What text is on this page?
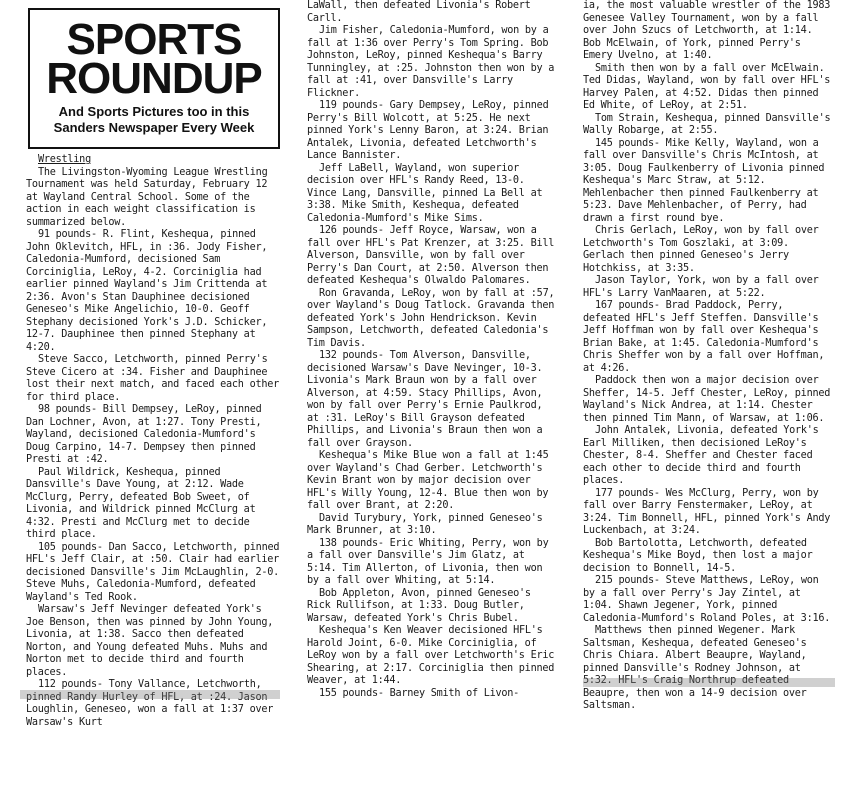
SPORTS
ROUNDUP
And Sports Pictures too in this
Sanders Newspaper Every Week

Wrestling

The Livingston-Wyoming League Wrestling Tournament was held Saturday, February 12 at Wayland Central School. Some of the action in each weight classification is summarized below.

91 pounds- R. Flint, Keshequa, pinned John Oklevitch, HFL, in :36. Jody Fisher, Caledonia-Mumford, decisioned Sam Corciniglia, LeRoy, 4-2. Corciniglia had earlier pinned Wayland's Jim Crittenda at 2:36. Avon's Stan Dauphinee decisioned Geneseo's Mike Angelichio, 10-0. Geoff Stephany decisioned York's J.D. Schicker, 12-7. Dauphinee then pinned Stephany at 4:20.

Steve Sacco, Letchworth, pinned Perry's Steve Cicero at :34. Fisher and Dauphinee lost their next match, and faced each other for third place.

98 pounds- Bill Dempsey, LeRoy, pinned Dan Lochner, Avon, at 1:27. Tony Presti, Wayland, decisioned Caledonia-Mumford's Doug Carpino, 14-7. Dempsey then pinned Presti at :42.

Paul Wildrick, Keshequa, pinned Dansville's Dave Young, at 2:12. Wade McClurg, Perry, defeated Bob Sweet, of Livonia, and Wildrick pinned McClurg at 4:32. Presti and McClurg met to decide third place.

105 pounds- Dan Sacco, Letchworth, pinned HFL's Jeff Clair, at :50. Clair had earlier decisioned Dansville's Jim McLaughlin, 2-0. Steve Muhs, Caledonia-Mumford, defeated Wayland's Ted Rook.

Warsaw's Jeff Nevinger defeated York's Joe Benson, then was pinned by John Young, Livonia, at 1:38. Sacco then defeated Norton, and Young defeated Muhs. Muhs and Norton met to decide third and fourth places.

112 pounds- Tony Vallance, Letchworth, pinned Randy Hurley of HFL, at :24. Jason Loughlin, Geneseo, won a fall at 1:37 over Warsaw's Kurt

LaWall, then defeated Livonia's Robert Carll.

Jim Fisher, Caledonia-Mumford, won by a fall at 1:36 over Perry's Tom Spring. Bob Johnston, LeRoy, pinned Keshequa's Barry Tunningley, at :25. Johnston then won by a fall at :41, over Dansville's Larry Flickner.

119 pounds- Gary Dempsey, LeRoy, pinned Perry's Bill Wolcott, at 5:25. He next pinned York's Lenny Baron, at 3:24. Brian Antalek, Livonia, defeated Letchworth's Lance Bannister.

Jeff LaBell, Wayland, won superior decision over HFL's Randy Reed, 13-0. Vince Lang, Dansville, pinned La Bell at 3:38. Mike Smith, Keshequa, defeated Caledonia-Mumford's Mike Sims.

126 pounds- Jeff Royce, Warsaw, won a fall over HFL's Pat Krenzer, at 3:25. Bill Alverson, Dansville, won by fall over Perry's Dan Court, at 2:50. Alverson then defeated Keshequa's Olwaldo Palomares.

Ron Gravanda, LeRoy, won by fall at :57, over Wayland's Doug Tatlock. Gravanda then defeated York's John Hendrickson. Kevin Sampson, Letchworth, defeated Caledonia's Tim Davis.

132 pounds- Tom Alverson, Dansville, decisioned Warsaw's Dave Nevinger, 10-3. Livonia's Mark Braun won by a fall over Alverson, at 4:59. Stacy Phillips, Avon, won by fall over Perry's Ernie Paulkrod, at :31. LeRoy's Bill Grayson defeated Phillips, and Livonia's Braun then won a fall over Grayson.

Keshequa's Mike Blue won a fall at 1:45 over Wayland's Chad Gerber. Letchworth's Kevin Brant won by major decision over HFL's Willy Young, 12-4. Blue then won by fall over Brant, at 2:20.

David Turybury, York, pinned Geneseo's Mark Brunner, at 3:10.

138 pounds- Eric Whiting, Perry, won by a fall over Dansville's Jim Glatz, at 5:14. Tim Allerton, of Livonia, then won by a fall over Whiting, at 5:14.

Bob Appleton, Avon, pinned Geneseo's Rick Rullifson, at 1:33. Doug Butler, Warsaw, defeated York's Chris Bubel.

Keshequa's Ken Weaver decisioned HFL's Harold Joint, 6-0. Mike Corciniglia, of LeRoy won by a fall over Letchworth's Eric Shearing, at 2:17. Corciniglia then pinned Weaver, at 1:44.

155 pounds- Barney Smith of Livon-

ia, the most valuable wrestler of the 1983 Genesee Valley Tournament, won by a fall over John Szucs of Letchworth, at 1:14. Bob McElwain, of York, pinned Perry's Emery Uvelno, at 1:40.

Smith then won by a fall over McElwain. Ted Didas, Wayland, won by fall over HFL's Harvey Palen, at 4:52. Didas then pinned Ed White, of LeRoy, at 2:51.

Tom Strain, Keshequa, pinned Dansville's Wally Robarge, at 2:55.

145 pounds- Mike Kelly, Wayland, won a fall over Dansville's Chris McIntosh, at 3:05. Doug Faulkenberry of Livonia pinned Keshequa's Marc Straw, at 5:12. Mehlenbacher then pinned Faulkenberry at 5:23. Dave Mehlenbacher, of Perry, had drawn a first round bye.

Chris Gerlach, LeRoy, won by fall over Letchworth's Tom Goszlaki, at 3:09. Gerlach then pinned Geneseo's Jerry Hotchkiss, at 3:35.

Jason Taylor, York, won by a fall over HFL's Larry VanMaaren, at 5:22.

167 pounds- Brad Paddock, Perry, defeated HFL's Jeff Steffen. Dansville's Jeff Hoffman won by fall over Keshequa's Brian Bake, at 1:45. Caledonia-Mumford's Chris Sheffer won by a fall over Hoffman, at 4:26.

Paddock then won a major decision over Sheffer, 14-5. Jeff Chester, LeRoy, pinned Wayland's Nick Andrea, at 1:14. Chester then pinned Tim Mann, of Warsaw, at 1:06.

John Antalek, Livonia, defeated York's Earl Milliken, then decisioned LeRoy's Chester, 8-4. Sheffer and Chester faced each other to decide third and fourth places.

177 pounds- Wes McClurg, Perry, won by fall over Barry Fenstermaker, LeRoy, at 3:24. Tim Bonnell, HFL, pinned York's Andy Luckenbach, at 3:24.

Bob Bartolotta, Letchworth, defeated Keshequa's Mike Boyd, then lost a major decision to Bonnell, 14-5.

215 pounds- Steve Matthews, LeRoy, won by a fall over Perry's Jay Zintel, at 1:04. Shawn Jegener, York, pinned Caledonia-Mumford's Roland Poles, at 3:16.

Matthews then pinned Wegener. Mark Saltsman, Keshequa, defeated Geneseo's Chris Chiara. Albert Beaupre, Wayland, pinned Dansville's Rodney Johnson, at 5:32. HFL's Craig Northrup defeated Beaupre, then won a 14-9 decision over Saltsman.
